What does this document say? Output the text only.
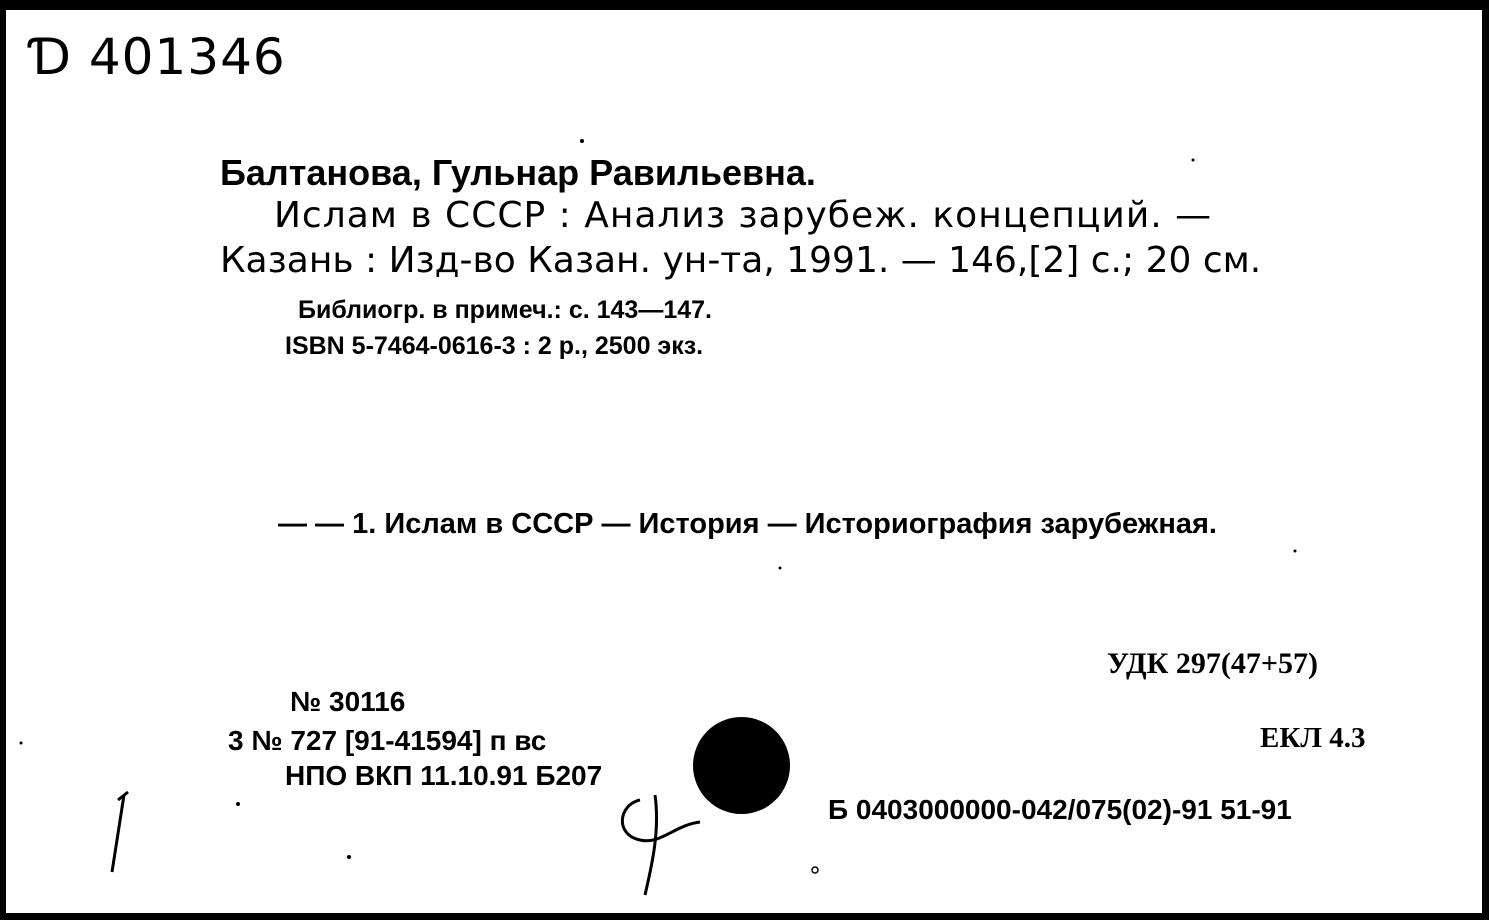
Ɗ 401346
Балтанова, Гульнар Равильевна.
Ислам в СССР : Анализ зарубеж. концепций. —
Казань : Изд-во Казан. ун-та, 1991. — 146,[2] с.; 20 см.
Библиогр. в примеч.: с. 143—147.
ISBN 5-7464-0616-3 : 2 р., 2500 экз.
— — 1. Ислам в СССР — История — Историография зарубежная.
УДК 297(47+57)
№ 30116
3 № 727 [91-41594] п вс	ЕКЛ 4.3
НПО ВКП 11.10.91 Б207
Б 0403000000-042/075(02)-91 51-91
